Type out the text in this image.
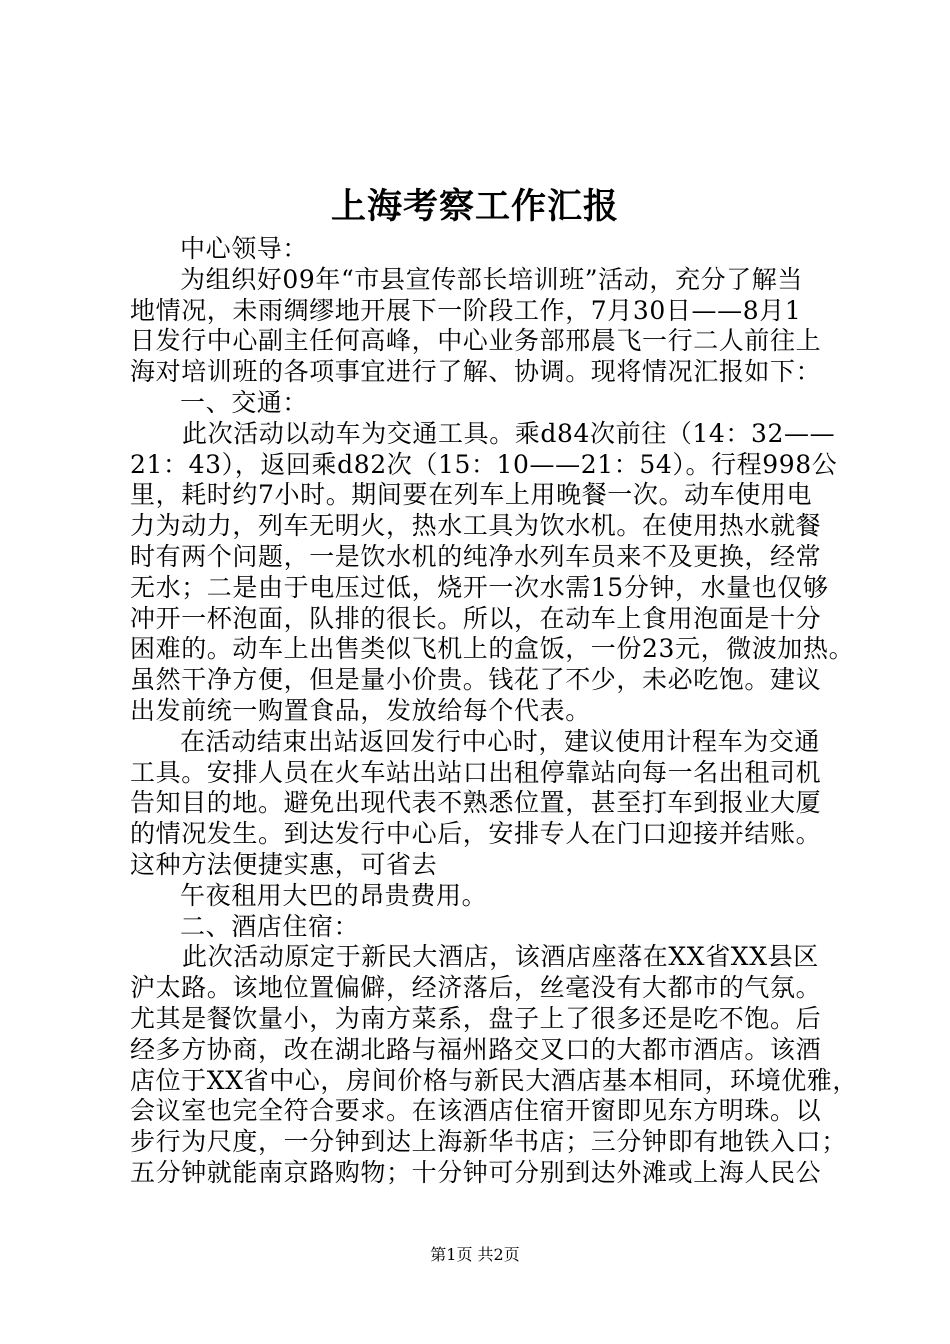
上海考察工作汇报
中心领导：
为组织好09年“市县宣传部长培训班”活动，充分了解当
地情况，未雨绸缪地开展下一阶段工作，7月30日——8月1
日发行中心副主任何高峰，中心业务部邢晨飞一行二人前往上
海对培训班的各项事宜进行了解、协调。现将情况汇报如下：
一、交通：
此次活动以动车为交通工具。乘d84次前往（14：32——
21：43），返回乘d82次（15：10——21：54）。行程998公
里，耗时约7小时。期间要在列车上用晚餐一次。动车使用电
力为动力，列车无明火，热水工具为饮水机。在使用热水就餐
时有两个问题，一是饮水机的纯净水列车员来不及更换，经常
无水；二是由于电压过低，烧开一次水需15分钟，水量也仅够
冲开一杯泡面，队排的很长。所以，在动车上食用泡面是十分
困难的。动车上出售类似飞机上的盒饭，一份23元，微波加热。
虽然干净方便，但是量小价贵。钱花了不少，未必吃饱。建议
出发前统一购置食品，发放给每个代表。
在活动结束出站返回发行中心时，建议使用计程车为交通
工具。安排人员在火车站出站口出租停靠站向每一名出租司机
告知目的地。避免出现代表不熟悉位置，甚至打车到报业大厦
的情况发生。到达发行中心后，安排专人在门口迎接并结账。
这种方法便捷实惠，可省去
午夜租用大巴的昂贵费用。
二、酒店住宿：
此次活动原定于新民大酒店，该酒店座落在XX省XX县区
沪太路。该地位置偏僻，经济落后，丝毫没有大都市的气氛。
尤其是餐饮量小，为南方菜系，盘子上了很多还是吃不饱。后
经多方协商，改在湖北路与福州路交叉口的大都市酒店。该酒
店位于XX省中心，房间价格与新民大酒店基本相同，环境优雅，
会议室也完全符合要求。在该酒店住宿开窗即见东方明珠。以
步行为尺度，一分钟到达上海新华书店；三分钟即有地铁入口；
五分钟就能南京路购物；十分钟可分别到达外滩或上海人民公
第1页 共2页
